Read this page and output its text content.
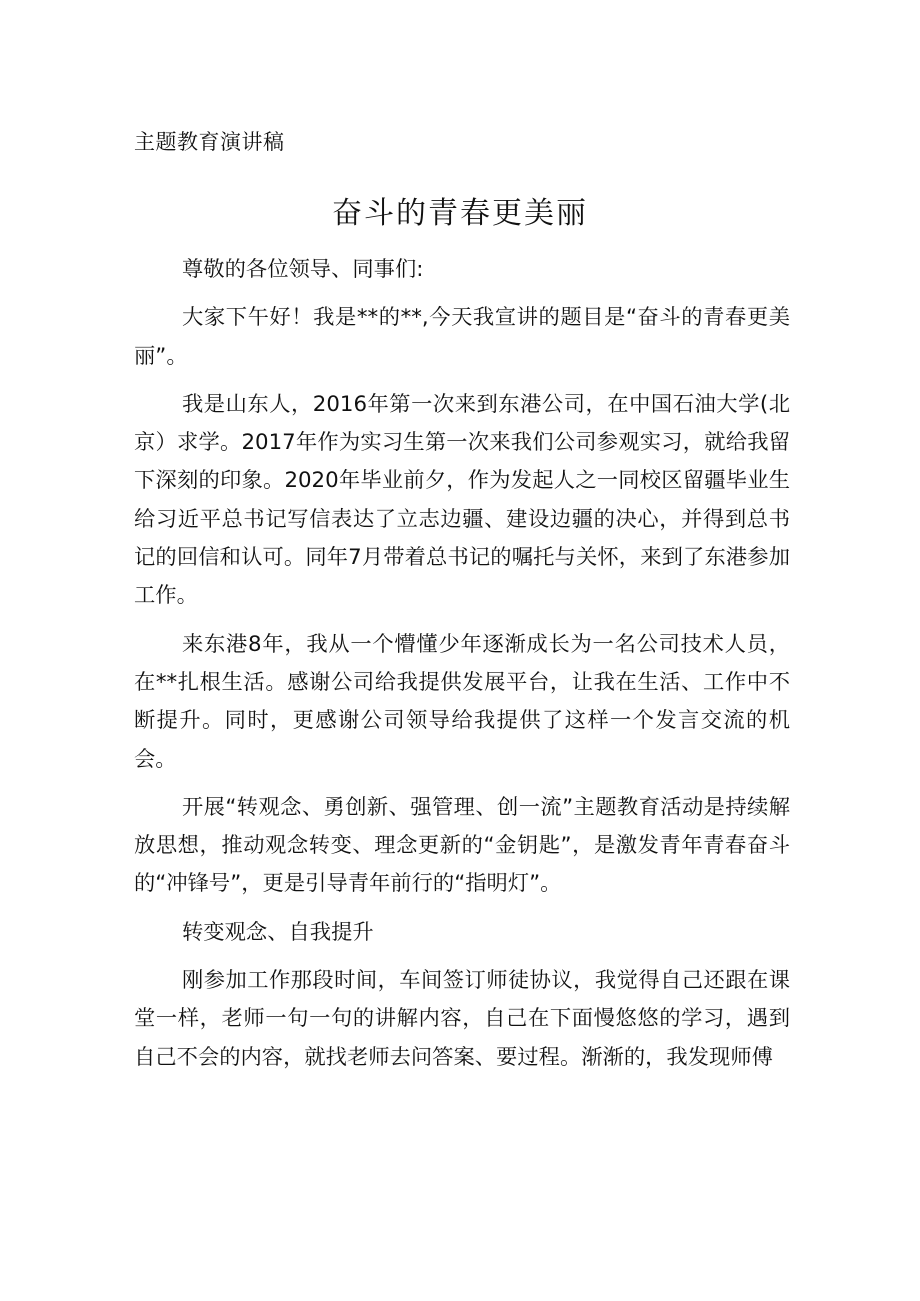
主题教育演讲稿
奋斗的青春更美丽

尊敬的各位领导、同事们:

大家下午好！我是**的**,今天我宣讲的题目是“奋斗的青春更美丽”。

我是山东人，2016年第一次来到东港公司，在中国石油大学(北京）求学。2017年作为实习生第一次来我们公司参观实习，就给我留下深刻的印象。2020年毕业前夕，作为发起人之一同校区留疆毕业生给习近平总书记写信表达了立志边疆、建设边疆的决心，并得到总书记的回信和认可。同年7月带着总书记的嘱托与关怀，来到了东港参加工作。

来东港8年，我从一个懵懂少年逐渐成长为一名公司技术人员，在**扎根生活。感谢公司给我提供发展平台，让我在生活、工作中不断提升。同时，更感谢公司领导给我提供了这样一个发言交流的机会。

开展“转观念、勇创新、强管理、创一流”主题教育活动是持续解放思想，推动观念转变、理念更新的“金钥匙”，是激发青年青春奋斗的“冲锋号”，更是引导青年前行的“指明灯”。

转变观念、自我提升

刚参加工作那段时间，车间签订师徒协议，我觉得自己还跟在课堂一样，老师一句一句的讲解内容，自己在下面慢悠悠的学习，遇到自己不会的内容，就找老师去问答案、要过程。渐渐的，我发现师傅
